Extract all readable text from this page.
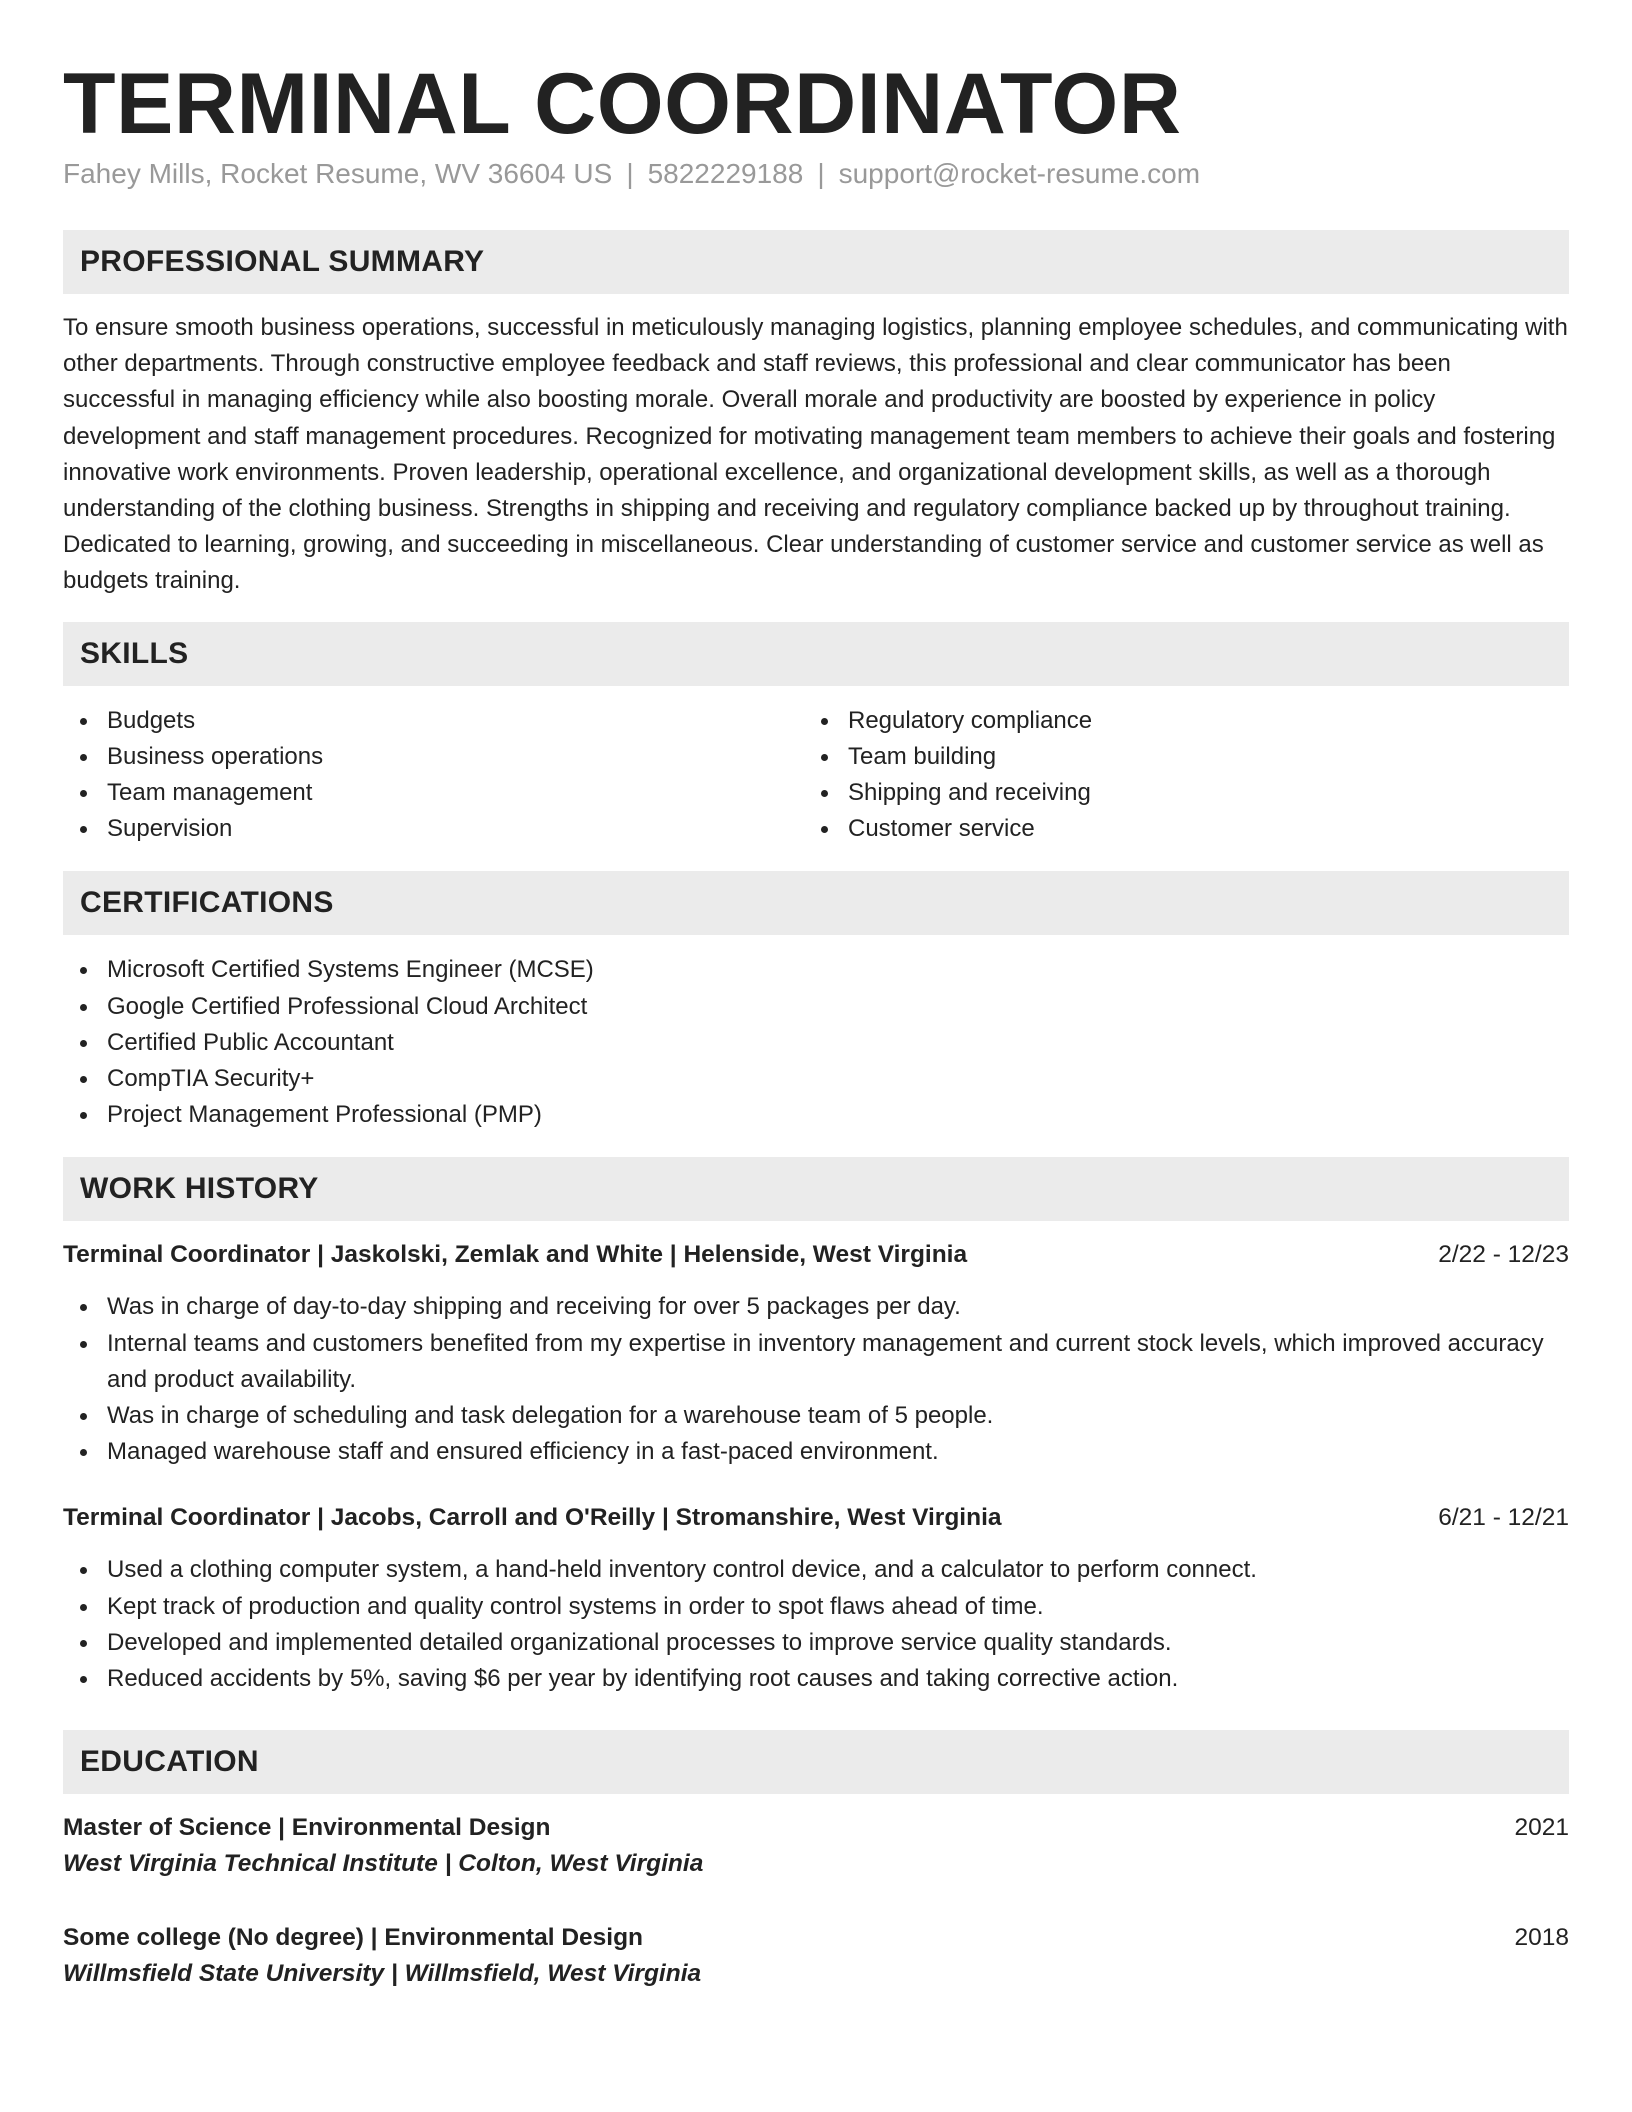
TERMINAL COORDINATOR
Fahey Mills, Rocket Resume, WV 36604 US | 5822229188 | support@rocket-resume.com
PROFESSIONAL SUMMARY

To ensure smooth business operations, successful in meticulously managing logistics, planning employee schedules, and communicating with other departments. Through constructive employee feedback and staff reviews, this professional and clear communicator has been successful in managing efficiency while also boosting morale. Overall morale and productivity are boosted by experience in policy development and staff management procedures. Recognized for motivating management team members to achieve their goals and fostering innovative work environments. Proven leadership, operational excellence, and organizational development skills, as well as a thorough understanding of the clothing business. Strengths in shipping and receiving and regulatory compliance backed up by throughout training. Dedicated to learning, growing, and succeeding in miscellaneous. Clear understanding of customer service and customer service as well as budgets training.

SKILLS
Budgets
Business operations
Team management
Supervision
Regulatory compliance
Team building
Shipping and receiving
Customer service
CERTIFICATIONS
Microsoft Certified Systems Engineer (MCSE)
Google Certified Professional Cloud Architect
Certified Public Accountant
CompTIA Security+
Project Management Professional (PMP)
WORK HISTORY
Terminal Coordinator | Jaskolski, Zemlak and White | Helenside, West Virginia	2/22 - 12/23
Was in charge of day-to-day shipping and receiving for over 5 packages per day.
Internal teams and customers benefited from my expertise in inventory management and current stock levels, which improved accuracy and product availability.
Was in charge of scheduling and task delegation for a warehouse team of 5 people.
Managed warehouse staff and ensured efficiency in a fast-paced environment.
Terminal Coordinator | Jacobs, Carroll and O'Reilly | Stromanshire, West Virginia	6/21 - 12/21
Used a clothing computer system, a hand-held inventory control device, and a calculator to perform connect.
Kept track of production and quality control systems in order to spot flaws ahead of time.
Developed and implemented detailed organizational processes to improve service quality standards.
Reduced accidents by 5%, saving $6 per year by identifying root causes and taking corrective action.
EDUCATION
Master of Science | Environmental Design	2021
West Virginia Technical Institute | Colton, West Virginia
Some college (No degree) | Environmental Design	2018
Willmsfield State University | Willmsfield, West Virginia
